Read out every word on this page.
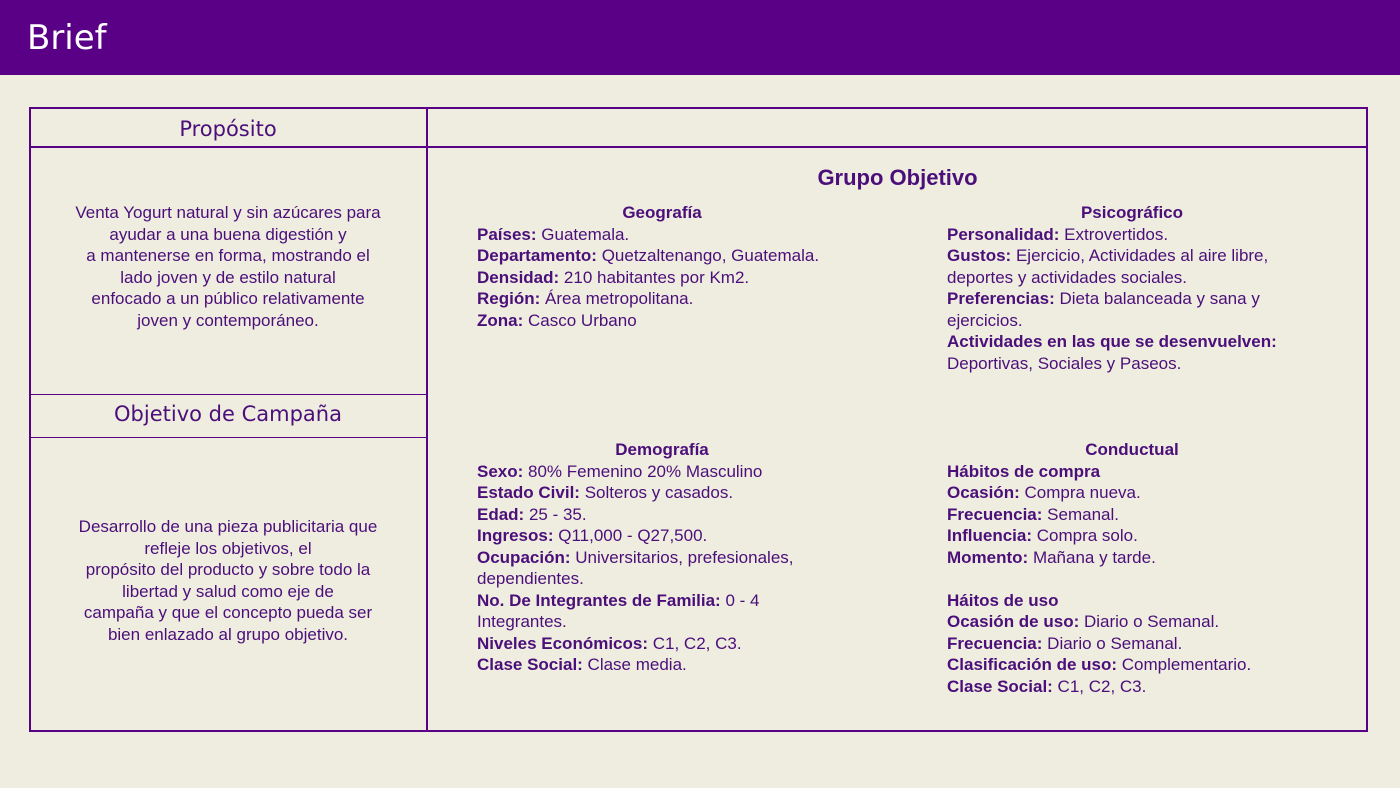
Brief
Propósito
Venta Yogurt natural y sin azúcares para
ayudar a una buena digestión y
a mantenerse en forma, mostrando el
lado joven y de estilo natural
enfocado a un público relativamente
joven y contemporáneo.
Objetivo de Campaña
Desarrollo de una pieza publicitaria que
refleje los objetivos, el
propósito del producto y sobre todo la
libertad y salud como eje de
campaña y que el concepto pueda ser
bien enlazado al grupo objetivo.
Grupo Objetivo
Geografía
Países: Guatemala.
Departamento: Quetzaltenango, Guatemala.
Densidad: 210 habitantes por Km2.
Región: Área metropolitana.
Zona: Casco Urbano
Psicográfico
Personalidad: Extrovertidos.
Gustos: Ejercicio, Actividades al aire libre, deportes y actividades sociales.
Preferencias: Dieta balanceada y sana y ejercicios.
Actividades en las que se desenvuelven: Deportivas, Sociales y Paseos.
Demografía
Sexo: 80% Femenino 20% Masculino
Estado Civil: Solteros y casados.
Edad: 25 - 35.
Ingresos: Q11,000 - Q27,500.
Ocupación: Universitarios, prefesionales, dependientes.
No. De Integrantes de Familia: 0 - 4 Integrantes.
Niveles Económicos: C1, C2, C3.
Clase Social: Clase media.
Conductual
Hábitos de compra
Ocasión: Compra nueva.
Frecuencia: Semanal.
Influencia: Compra solo.
Momento: Mañana y tarde.
Háitos de uso
Ocasión de uso: Diario o Semanal.
Frecuencia: Diario o Semanal.
Clasificación de uso: Complementario.
Clase Social: C1, C2, C3.
